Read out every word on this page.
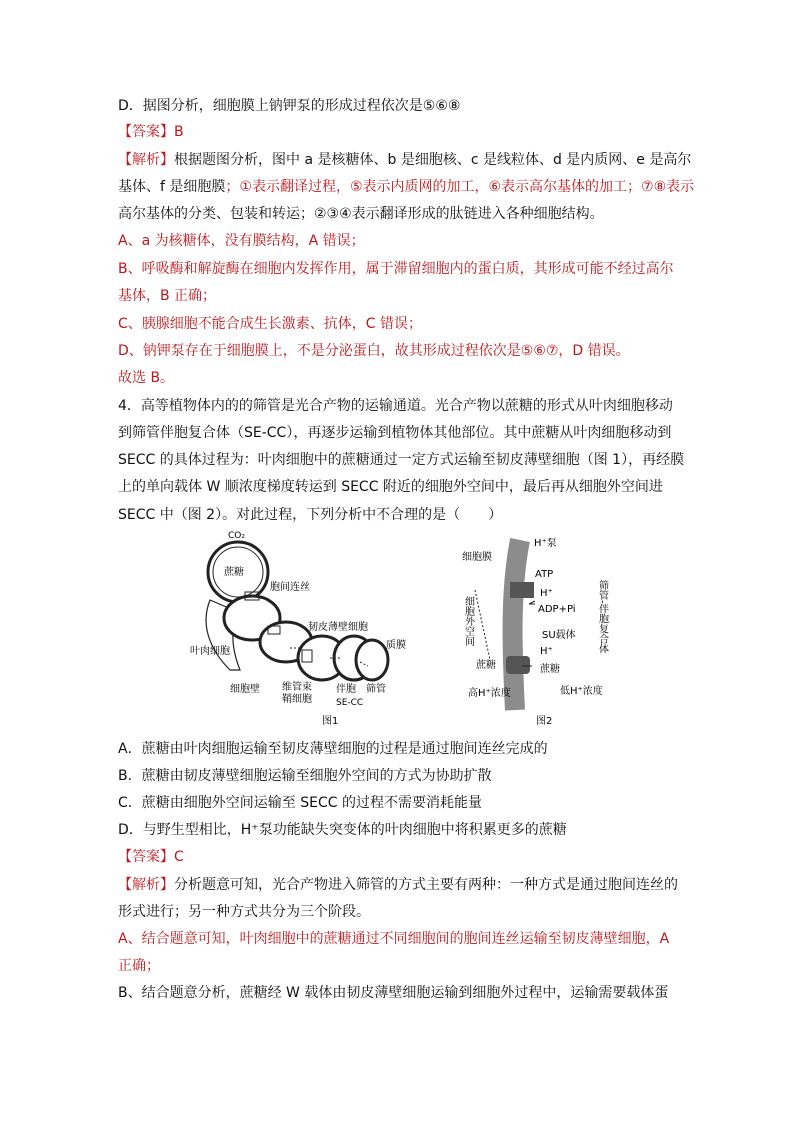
D．据图分析，细胞膜上钠钾泵的形成过程依次是⑤⑥⑧
【答案】B
【解析】根据题图分析，图中 a 是核糖体、b 是细胞核、c 是线粒体、d 是内质网、e 是高尔
基体、f 是细胞膜；①表示翻译过程，⑤表示内质网的加工，⑥表示高尔基体的加工；⑦⑧表示
高尔基体的分类、包装和转运；②③④表示翻译形成的肽链进入各种细胞结构。
A、a 为核糖体，没有膜结构，A 错误；
B、呼吸酶和解旋酶在细胞内发挥作用，属于滞留细胞内的蛋白质，其形成可能不经过高尔
基体，B 正确；
C、胰腺细胞不能合成生长激素、抗体，C 错误；
D、钠钾泵存在于细胞膜上，不是分泌蛋白，故其形成过程依次是⑤⑥⑦，D 错误。
故选 B。
4．高等植物体内的的筛管是光合产物的运输通道。光合产物以蔗糖的形式从叶肉细胞移动
到筛管伴胞复合体（SE-CC），再逐步运输到植物体其他部位。其中蔗糖从叶肉细胞移动到
SECC 的具体过程为：叶肉细胞中的蔗糖通过一定方式运输至韧皮薄壁细胞（图 1），再经膜
上的单向载体 W 顺浓度梯度转运到 SECC 附近的细胞外空间中，最后再从细胞外空间进
SECC 中（图 2）。对此过程，下列分析中不合理的是（　　）
CO₂
蔗糖
胞间连丝
韧皮薄壁细胞
质膜
叶肉细胞
细胞壁 维管束
鞘细胞
伴胞 筛管
SE-CC
图1
细胞膜
H⁺泵
ATP
H⁺
ADP+Pi
SU载体
H⁺
蔗糖	蔗糖
细胞外空间	筛管-伴胞复合体
高H⁺浓度	低H⁺浓度
图2
A．蔗糖由叶肉细胞运输至韧皮薄壁细胞的过程是通过胞间连丝完成的
B．蔗糖由韧皮薄壁细胞运输至细胞外空间的方式为协助扩散
C．蔗糖由细胞外空间运输至 SECC 的过程不需要消耗能量
D．与野生型相比，H⁺泵功能缺失突变体的叶肉细胞中将积累更多的蔗糖
【答案】C
【解析】分析题意可知，光合产物进入筛管的方式主要有两种：一种方式是通过胞间连丝的
形式进行；另一种方式共分为三个阶段。
A、结合题意可知，叶肉细胞中的蔗糖通过不同细胞间的胞间连丝运输至韧皮薄壁细胞，A
正确；
B、结合题意分析，蔗糖经 W 载体由韧皮薄壁细胞运输到细胞外过程中，运输需要载体蛋
